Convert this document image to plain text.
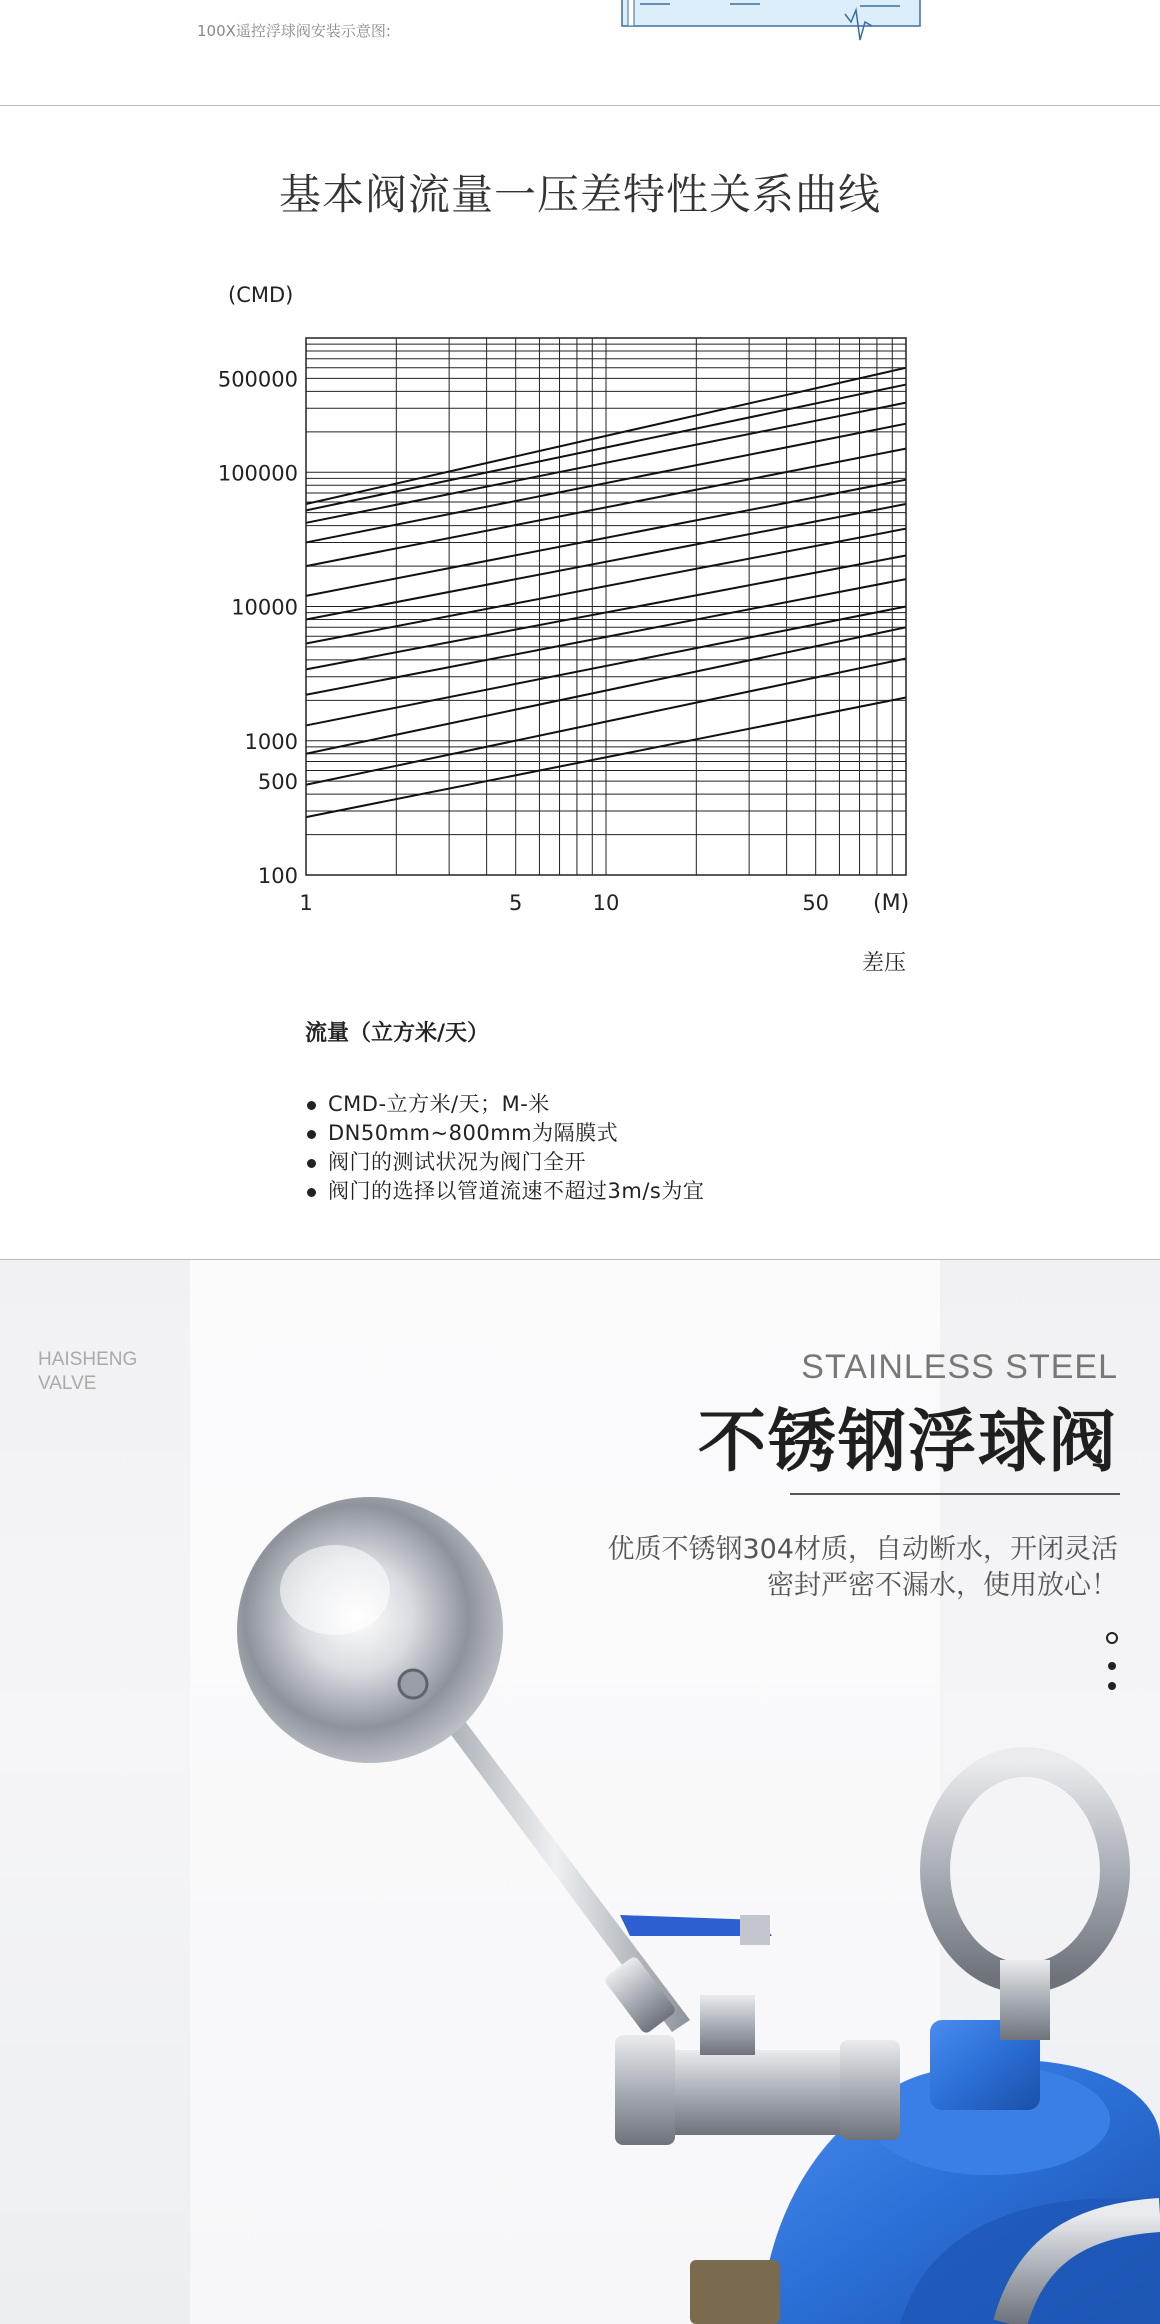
100X遥控浮球阀安装示意图:
基本阀流量一压差特性关系曲线
500000
100000
10000
1000
500
100
1	5	10	50
(CMD)
(M)
差压
流量（立方米/天）
CMD-立方米/天；M-米
DN50mm~800mm为隔膜式
阀门的测试状况为阀门全开
阀门的选择以管道流速不超过3m/s为宜
HAISHENG
VALVE	STAINLESS STEEL
不锈钢浮球阀
优质不锈钢304材质，自动断水，开闭灵活
密封严密不漏水，使用放心！
